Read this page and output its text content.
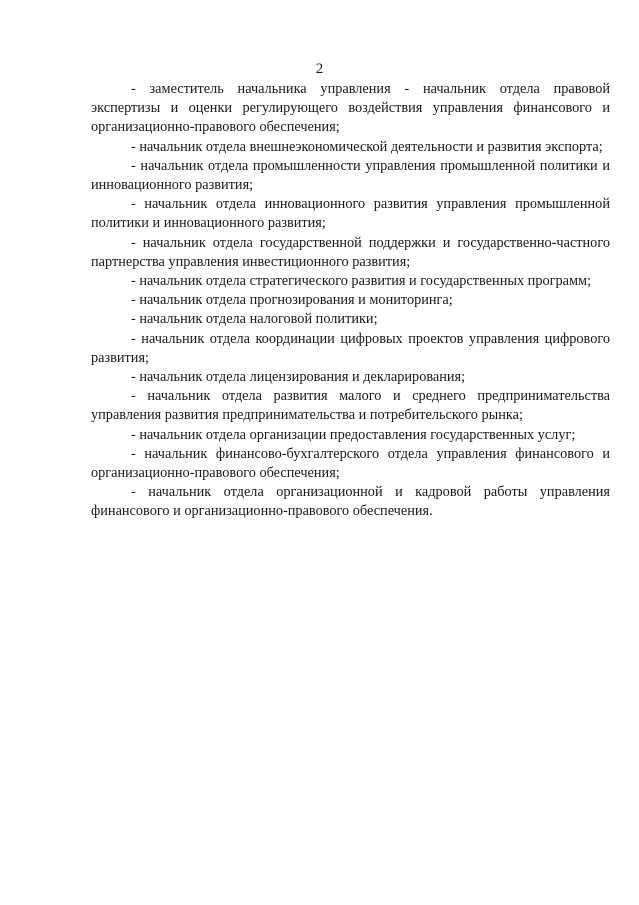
2

- заместитель начальника управления - начальник отдела правовой экспертизы и оценки регулирующего воздействия управления финансового и организационно-правового обеспечения;

- начальник отдела внешнеэкономической деятельности и развития экспорта;

- начальник отдела промышленности управления промышленной политики и инновационного развития;

- начальник отдела инновационного развития управления промышленной политики и инновационного развития;

- начальник отдела государственной поддержки и государственно-частного партнерства управления инвестиционного развития;

- начальник отдела стратегического развития и государственных программ;

- начальник отдела прогнозирования и мониторинга;

- начальник отдела налоговой политики;

- начальник отдела координации цифровых проектов управления цифрового развития;

- начальник отдела лицензирования и декларирования;

- начальник отдела развития малого и среднего предпринимательства управления развития предпринимательства и потребительского рынка;

- начальник отдела организации предоставления государственных услуг;

- начальник финансово-бухгалтерского отдела управления финансового и организационно-правового обеспечения;

- начальник отдела организационной и кадровой работы управления финансового и организационно-правового обеспечения.
